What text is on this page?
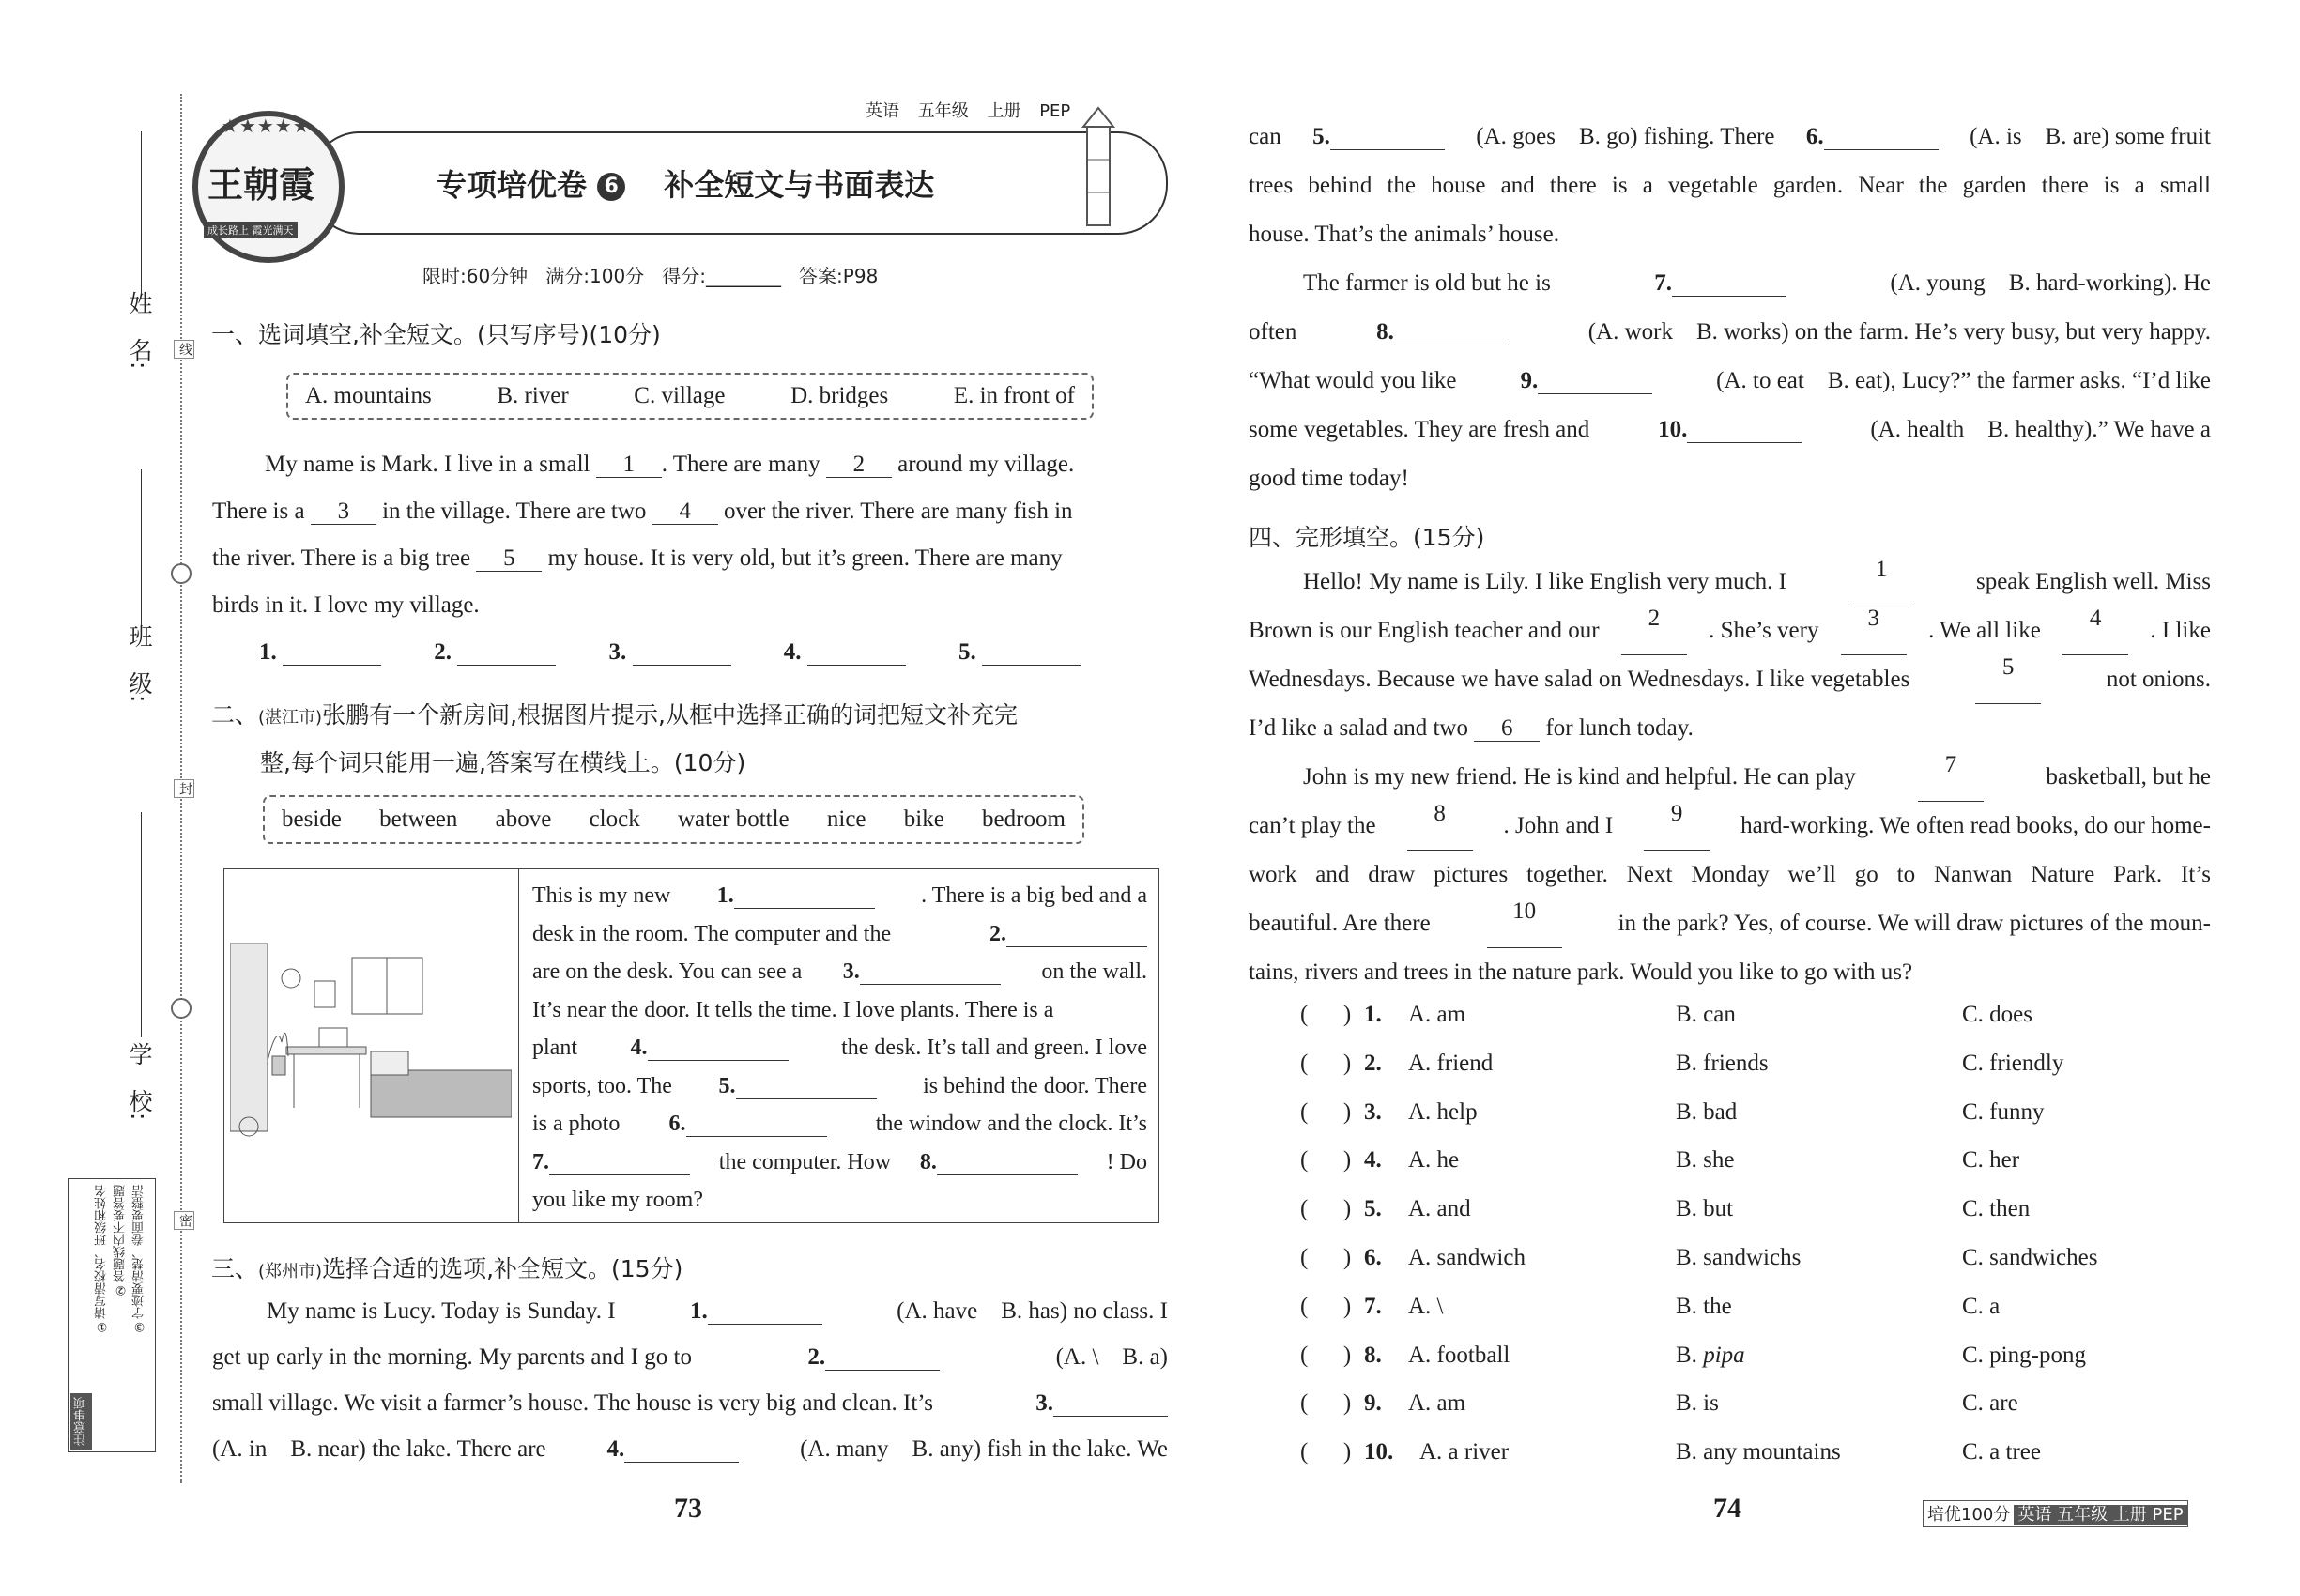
线
封
密
姓　名:
班　级:
学　校:
注意事项
①请写清校名、班级和姓名 ②答题线内不要答题 ③字迹要清楚、卷面要整洁
英语 五年级 上册 PEP
★★★★★
王朝霞
成长路上 霞光满天
专项培优卷 6 补全短文与书面表达
限时:60分钟   满分:100分   得分:________   答案:P98
一、选词填空,补全短文。(只写序号)(10分)
A. mountains	B. river	C. village	D. bridges	E. in front of
My name is Mark. I live in a small 1 . There are many 2 around my village.
There is a 3 in the village. There are two 4 over the river. There are many fish in
the river. There is a big tree 5 my house. It is very old, but it’s green. There are many
birds in it. I love my village.
1.	2.	3.	4.	5.
二、(湛江市)张鹏有一个新房间,根据图片提示,从框中选择正确的词把短文补充完
整,每个词只能用一遍,答案写在横线上。(10分)
beside between above clock water bottle nice bike bedroom
This is my new 1.	. There is a big bed and a
desk in the room. The computer and the	2.
are on the desk. You can see a 3.	on the wall.
It’s near the door. It tells the time. I love plants. There is a
plant 4.	the desk. It’s tall and green. I love
sports, too. The 5.	is behind the door. There
is a photo 6.	the window and the clock. It’s
7.	the computer. How 8.	! Do
you like my room?
三、(郑州市)选择合适的选项,补全短文。(15分)
My name is Lucy. Today is Sunday. I	1.	(A. have　B. has) no class. I
get up early in the morning. My parents and I go to	2.	(A. \　B. a)
small village. We visit a farmer’s house. The house is very big and clean. It’s	3.
(A. in　B. near) the lake. There are	4.	(A. many　B. any) fish in the lake. We
73
can 5.	(A. goes　B. go) fishing. There 6.	(A. is　B. are) some fruit
trees behind the house and there is a vegetable garden. Near the garden there is a small
house. That’s the animals’ house.
The farmer is old but he is	7.	(A. young　B. hard-working). He
often	8.	(A. work　B. works) on the farm. He’s very busy, but very happy.
“What would you like	9.	(A. to eat　B. eat), Lucy?” the farmer asks. “I’d like
some vegetables. They are fresh and	10.	(A. health　B. healthy).” We have a
good time today!
四、完形填空。(15分)
Hello! My name is Lily. I like English very much. I	1	speak English well. Miss
Brown is our English teacher and our	2	. She’s very	3	. We all like	4	. I like
Wednesdays. Because we have salad on Wednesdays. I like vegetables	5	not onions.
I’d like a salad and two 6 for lunch today.
John is my new friend. He is kind and helpful. He can play	7	basketball, but he
can’t play the	8	. John and I	9	hard-working. We often read books, do our home-
work and draw pictures together. Next Monday we’ll go to Nanwan Nature Park. It’s
beautiful. Are there	10	in the park? Yes, of course. We will draw pictures of the moun-
tains, rivers and trees in the nature park. Would you like to go with us?
(      ) 1. A. am	B. can	C. does
(      ) 2. A. friend	B. friends	C. friendly
(      ) 3. A. help	B. bad	C. funny
(      ) 4. A. he	B. she	C. her
(      ) 5. A. and	B. but	C. then
(      ) 6. A. sandwich	B. sandwichs	C. sandwiches
(      ) 7. A. \	B. the	C. a
(      ) 8. A. football	B. pipa	C. ping-pong
(      ) 9. A. am	B. is	C. are
(      ) 10. A. a river	B. any mountains	C. a tree
74	培优100分 英语 五年级 上册 PEP
